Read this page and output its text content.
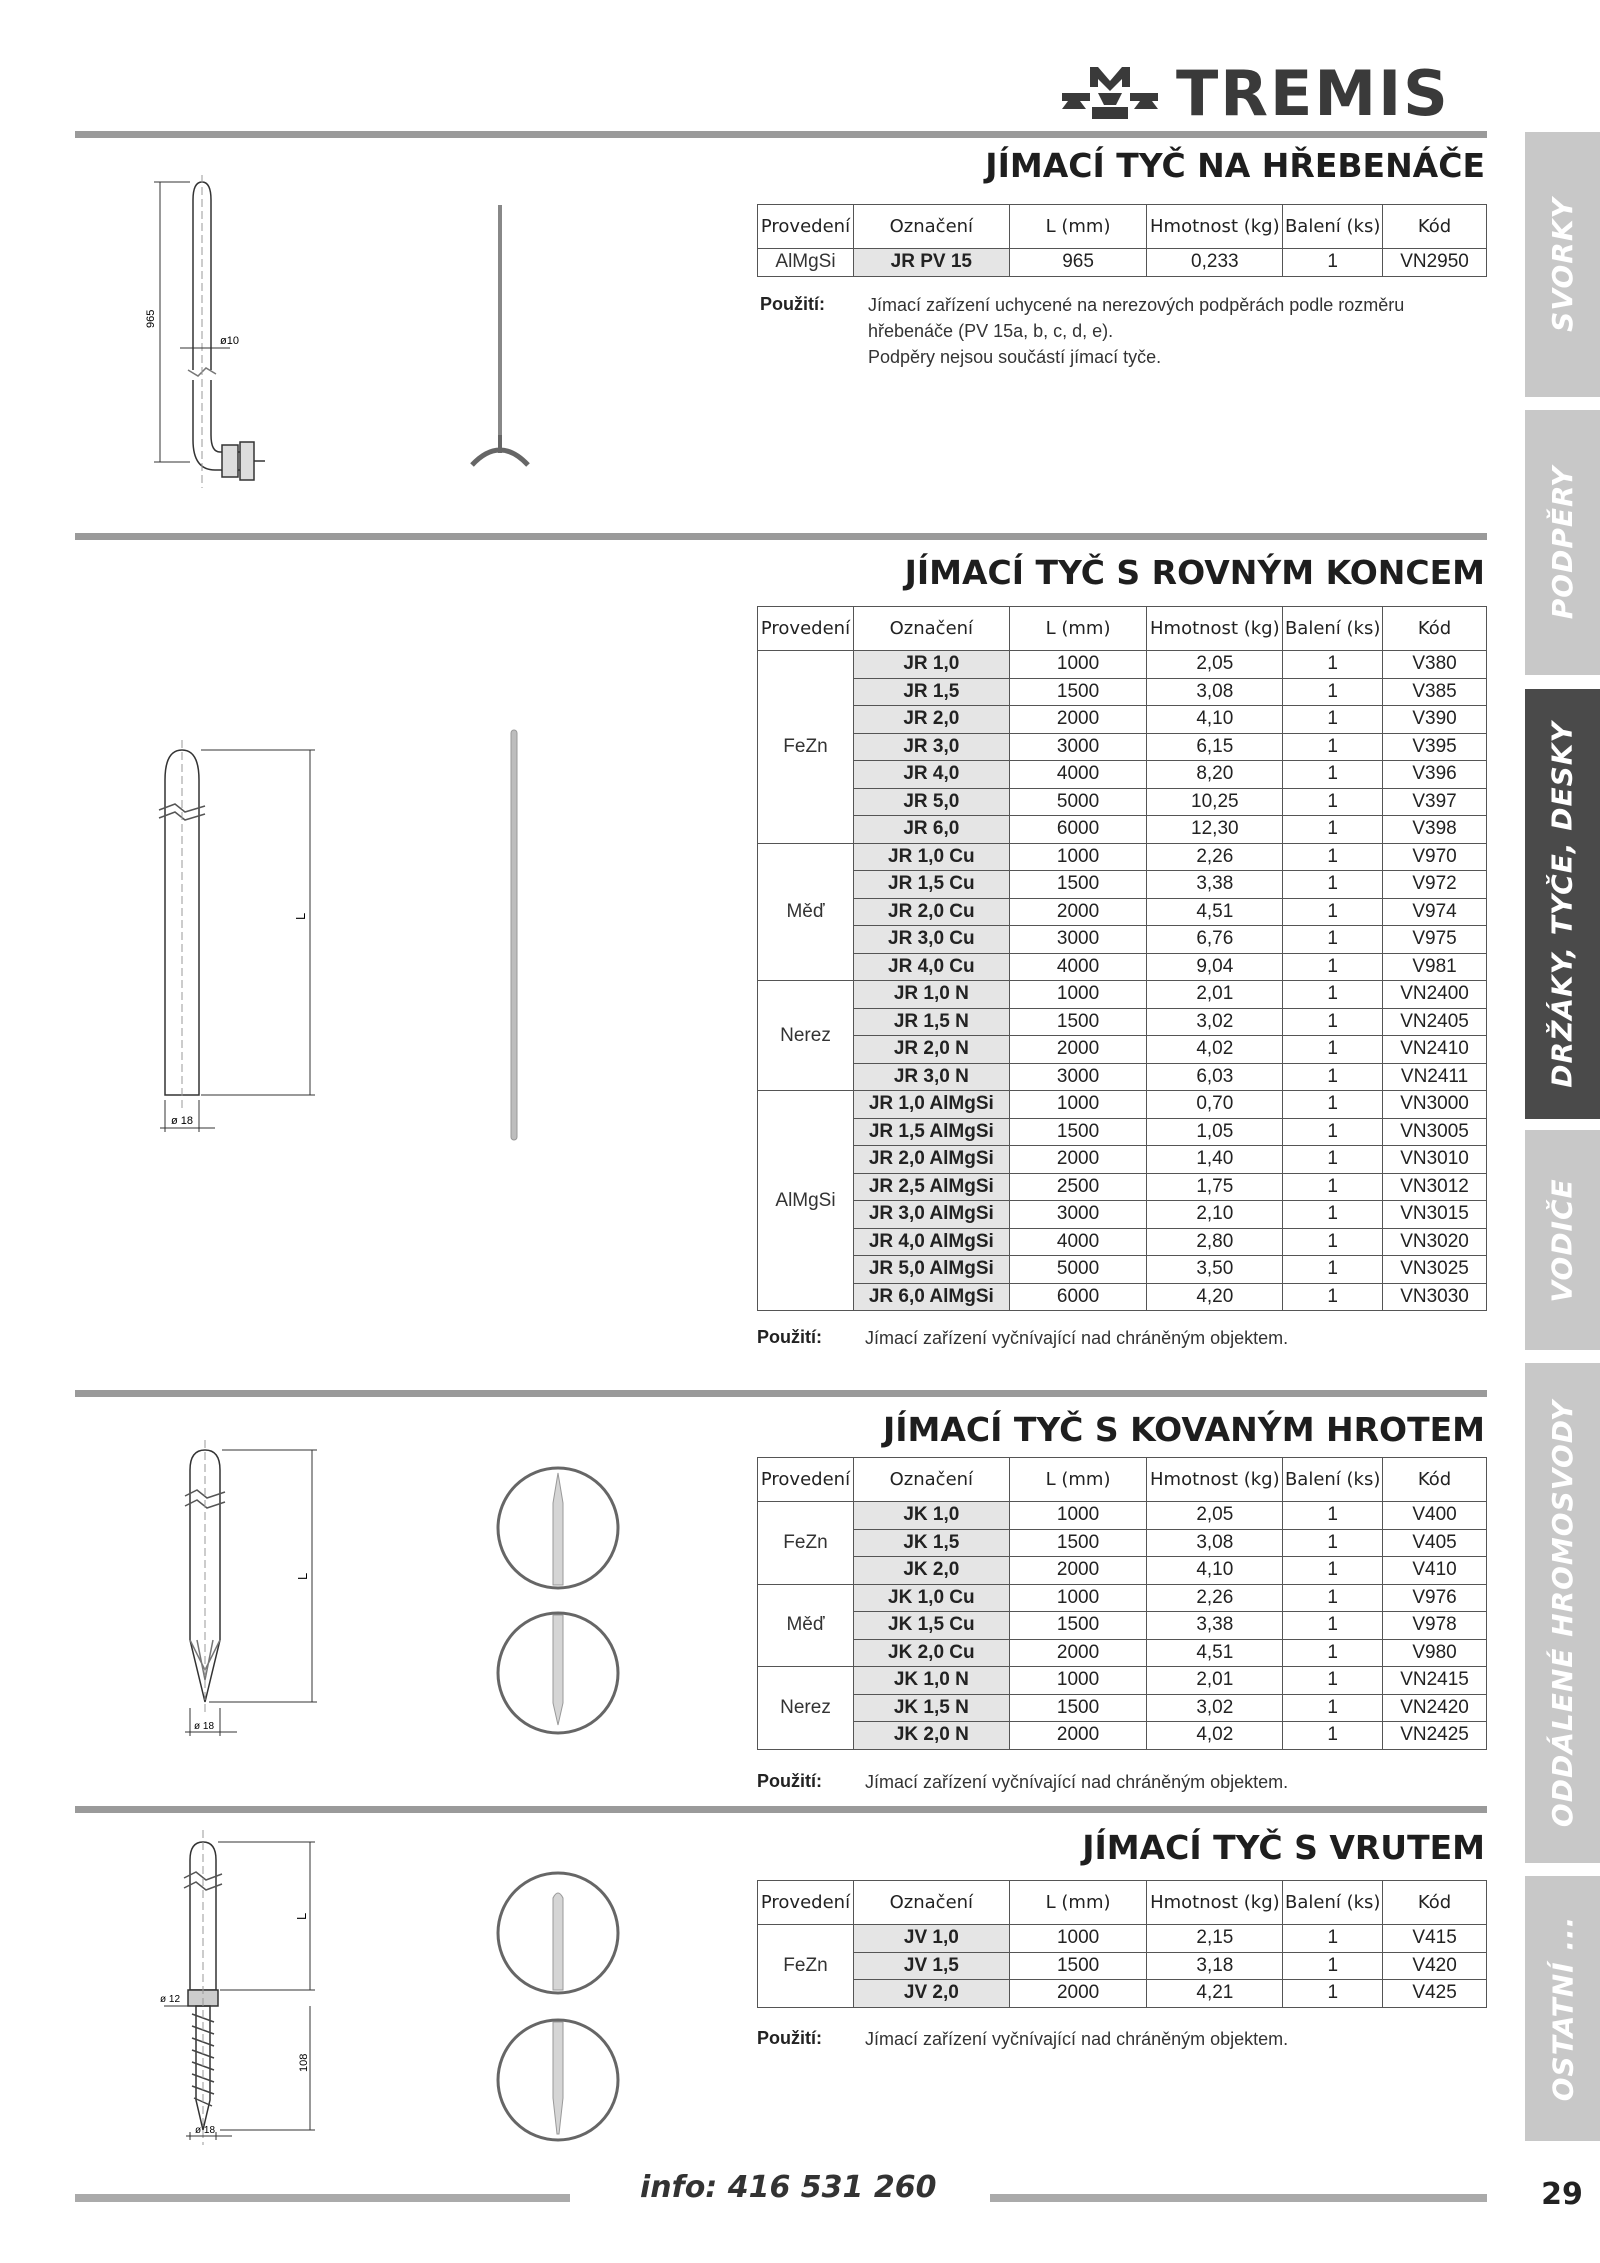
TREMIS
SVORKY
PODPĚRY
DRŽÁKY, TYČE, DESKY
VODIČE
ODDÁLENÉ HROMOSVODY
OSTATNÍ ...
JÍMACÍ TYČ NA HŘEBENÁČE
965
ø10
Provedení	Označení	L (mm)	Hmotnost (kg)	Balení (ks)	Kód
AlMgSi	JR PV 15	965	0,233	1	VN2950
Použití: Jímací zařízení uchycené na nerezových podpěrách podle rozměru
hřebenáče (PV 15a, b, c, d, e).
Podpěry nejsou součástí jímací tyče.
JÍMACÍ TYČ S ROVNÝM KONCEM
L
ø 18
Provedení	Označení	L (mm)	Hmotnost (kg)	Balení (ks)	Kód
FeZn	JR 1,0	1000	2,05	1	V380
	JR 1,5	1500	3,08	1	V385
	JR 2,0	2000	4,10	1	V390
	JR 3,0	3000	6,15	1	V395
	JR 4,0	4000	8,20	1	V396
	JR 5,0	5000	10,25	1	V397
	JR 6,0	6000	12,30	1	V398
Měď	JR 1,0 Cu	1000	2,26	1	V970
	JR 1,5 Cu	1500	3,38	1	V972
	JR 2,0 Cu	2000	4,51	1	V974
	JR 3,0 Cu	3000	6,76	1	V975
	JR 4,0 Cu	4000	9,04	1	V981
Nerez	JR 1,0 N	1000	2,01	1	VN2400
	JR 1,5 N	1500	3,02	1	VN2405
	JR 2,0 N	2000	4,02	1	VN2410
	JR 3,0 N	3000	6,03	1	VN2411
AlMgSi	JR 1,0 AlMgSi	1000	0,70	1	VN3000
	JR 1,5 AlMgSi	1500	1,05	1	VN3005
	JR 2,0 AlMgSi	2000	1,40	1	VN3010
	JR 2,5 AlMgSi	2500	1,75	1	VN3012
	JR 3,0 AlMgSi	3000	2,10	1	VN3015
	JR 4,0 AlMgSi	4000	2,80	1	VN3020
	JR 5,0 AlMgSi	5000	3,50	1	VN3025
	JR 6,0 AlMgSi	6000	4,20	1	VN3030
Použití: Jímací zařízení vyčnívající nad chráněným objektem.
JÍMACÍ TYČ S KOVANÝM HROTEM
L
ø 18
Provedení	Označení	L (mm)	Hmotnost (kg)	Balení (ks)	Kód
FeZn	JK 1,0	1000	2,05	1	V400
	JK 1,5	1500	3,08	1	V405
	JK 2,0	2000	4,10	1	V410
Měď	JK 1,0 Cu	1000	2,26	1	V976
	JK 1,5 Cu	1500	3,38	1	V978
	JK 2,0 Cu	2000	4,51	1	V980
Nerez	JK 1,0 N	1000	2,01	1	VN2415
	JK 1,5 N	1500	3,02	1	VN2420
	JK 2,0 N	2000	4,02	1	VN2425
Použití: Jímací zařízení vyčnívající nad chráněným objektem.
JÍMACÍ TYČ S VRUTEM
L
108
ø 12
ø 18
Provedení	Označení	L (mm)	Hmotnost (kg)	Balení (ks)	Kód
FeZn	JV 1,0	1000	2,15	1	V415
	JV 1,5	1500	3,18	1	V420
	JV 2,0	2000	4,21	1	V425
Použití: Jímací zařízení vyčnívající nad chráněným objektem.
info: 416 531 260	29
